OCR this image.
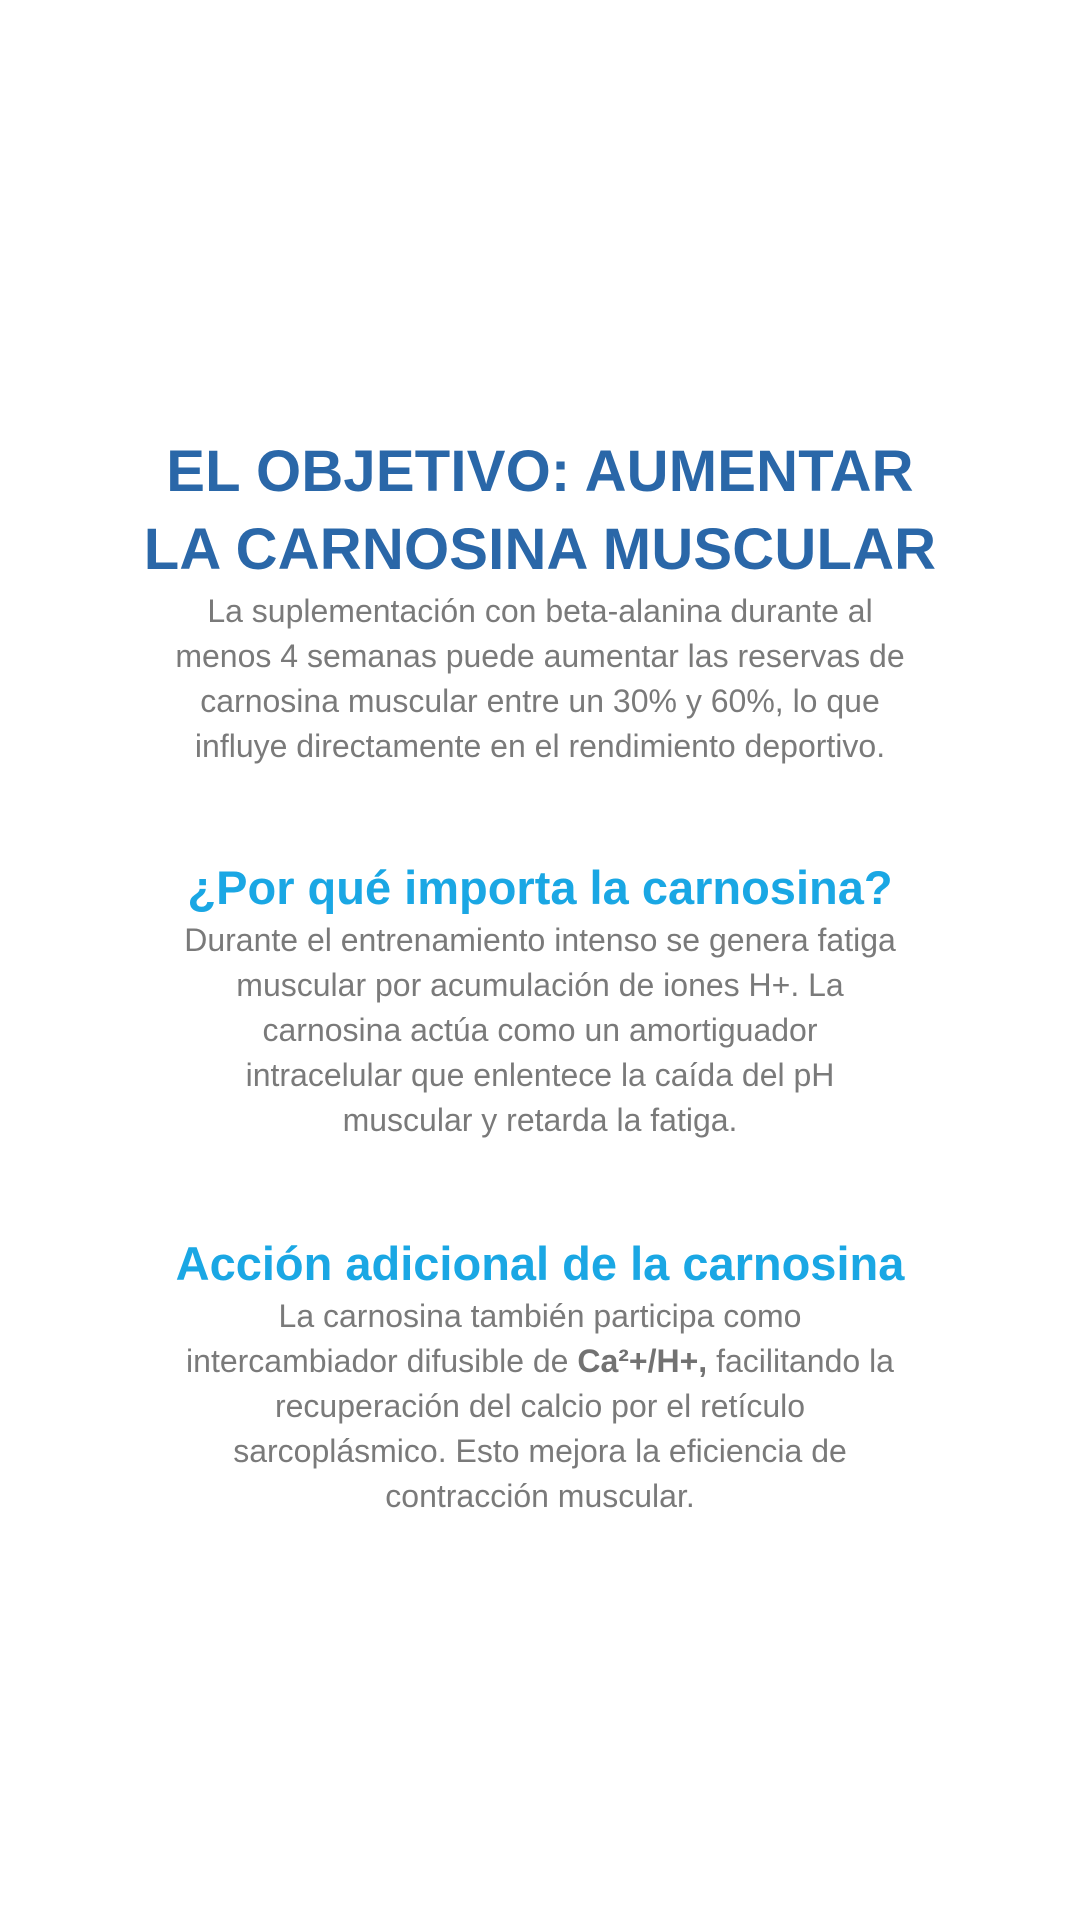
EL OBJETIVO: AUMENTAR
LA CARNOSINA MUSCULAR

La suplementación con beta-alanina durante al
menos 4 semanas puede aumentar las reservas de
carnosina muscular entre un 30% y 60%, lo que
influye directamente en el rendimiento deportivo.

¿Por qué importa la carnosina?

Durante el entrenamiento intenso se genera fatiga
muscular por acumulación de iones H+. La
carnosina actúa como un amortiguador
intracelular que enlentece la caída del pH
muscular y retarda la fatiga.

Acción adicional de la carnosina

La carnosina también participa como
intercambiador difusible de Ca²+/H+, facilitando la
recuperación del calcio por el retículo
sarcoplásmico. Esto mejora la eficiencia de
contracción muscular.
